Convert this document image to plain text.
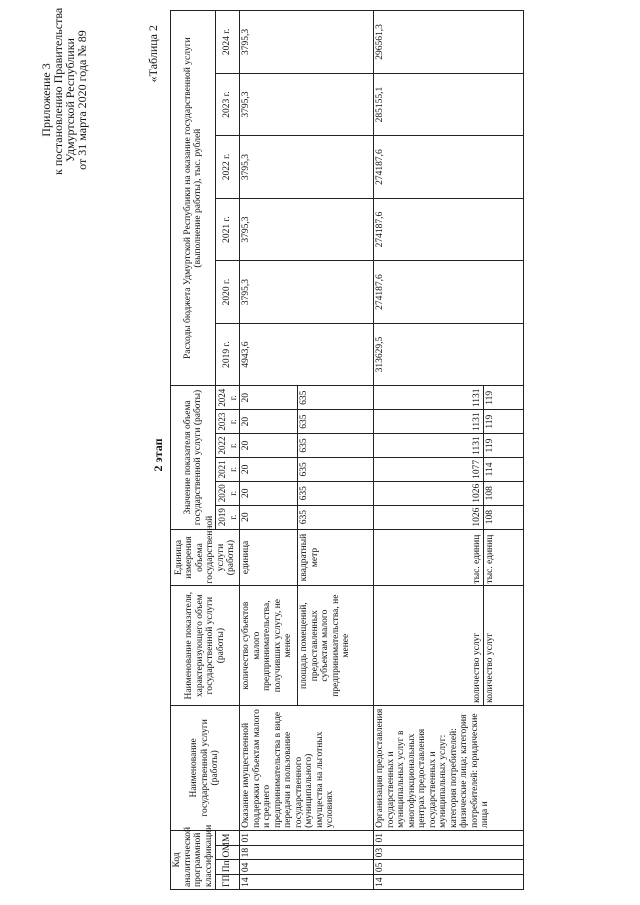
Приложение 3
к постановлению Правительства
Удмуртской Республики
от 31 марта 2020 года № 89	«Таблица 2
2 этап
Код аналитической программной классификации				Наименование государственной услуги (работы)	Наименование показателя, характеризующего объем государственной услуги (работы)	Единица измерения объема государственной услуги (работы)	Значение показателя объема государственной услуги (работы)						Расходы бюджета Удмуртской Республики на оказание государственной услуги (выполнение работы), тыс. рублей					
ГП	Пп	ОМ	М				2019 г.	2020 г.	2021 г.	2022 г.	2023 г.	2024 г.	2019 г.	2020 г.	2021 г.	2022 г.	2023 г.	2024 г.
14	04	18	01	Оказание имущественной поддержки субъектам малого и среднего предпринимательства в виде передачи в пользование государственного (муниципального) имущества на льготных условиях	количество субъектов малого предпринимательства, получивших услугу, не менее	единица	20	20	20	20	20	20	4943,6	3795,3	3795,3	3795,3	3795,3	3795,3
					площадь помещений, предоставленных субъектам малого предпринимательства, не менее	квадратный метр	635	635	635	635	635	635						
14	05	03	01	Организация предоставления государственных и муниципальных услуг в многофункциональных центрах предоставления государственных и муниципальных услуг: категория потребителей: физические лица; категория потребителей: юридические лица и	количество услуг	тыс. единиц	1026	1026	1077	1131	1131	1131	313629,5	274187,6	274187,6	274187,6	285155,1	296561,3
					количество услуг	тыс. единиц	108	108	114	119	119	119						
